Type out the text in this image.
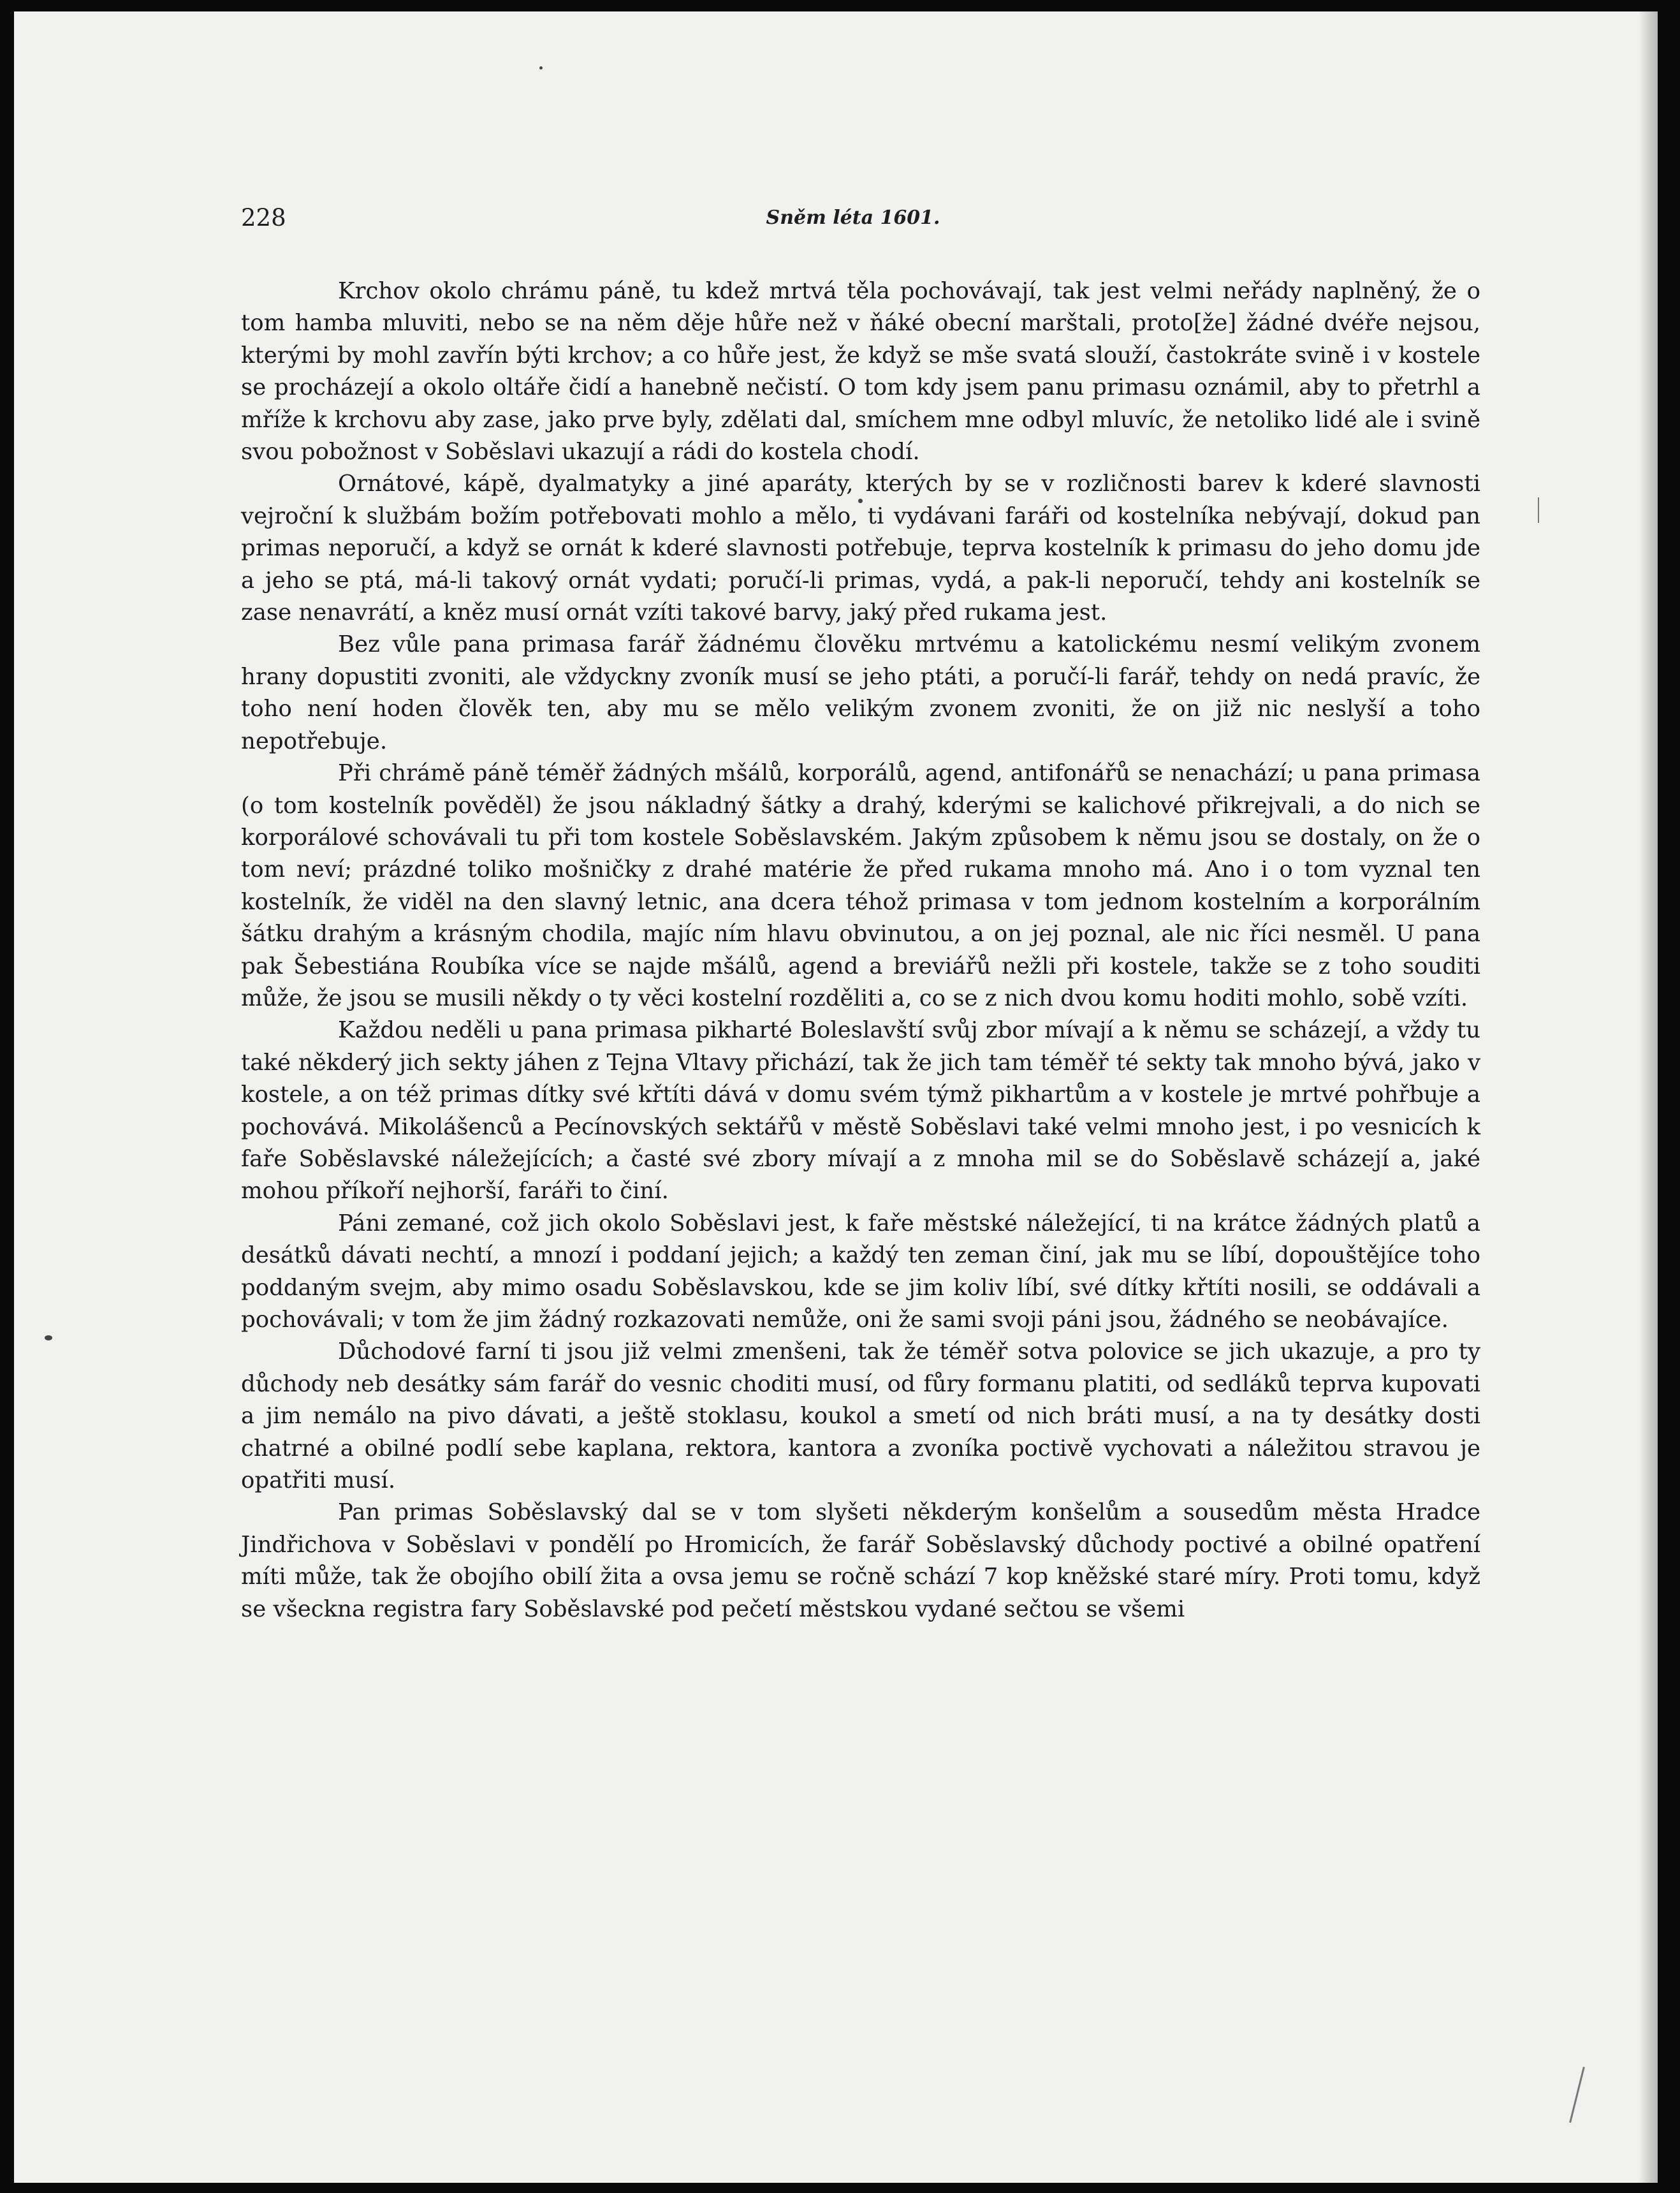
228	Sněm léta 1601.

Krchov okolo chrámu páně, tu kdež mrtvá těla pochovávají, tak jest velmi neřády naplněný, že o tom hamba mluviti, nebo se na něm děje hůře než v ňáké obecní marštali, proto[že] žádné dvéře nejsou, kterými by mohl zavřín býti krchov; a co hůře jest, že když se mše svatá slouží, častokráte svině i v kostele se procházejí a okolo oltáře čidí a hanebně nečistí. O tom kdy jsem panu primasu oznámil, aby to přetrhl a mříže k krchovu aby zase, jako prve byly, zdělati dal, smíchem mne odbyl mluvíc, že netoliko lidé ale i svině svou pobožnost v Soběslavi ukazují a rádi do kostela chodí.

Ornátové, kápě, dyalmatyky a jiné aparáty, kterých by se v rozličnosti barev k kderé slavnosti vejroční k službám božím potřebovati mohlo a mělo, ti vydávani faráři od kostelníka nebývají, dokud pan primas neporučí, a když se ornát k kderé slavnosti potřebuje, teprva kostelník k primasu do jeho domu jde a jeho se ptá, má-li takový ornát vydati; poručí-li primas, vydá, a pak-li neporučí, tehdy ani kostelník se zase nenavrátí, a kněz musí ornát vzíti takové barvy, jaký před rukama jest.

Bez vůle pana primasa farář žádnému člověku mrtvému a katolickému nesmí velikým zvonem hrany dopustiti zvoniti, ale vždyckny zvoník musí se jeho ptáti, a poručí-li farář, tehdy on nedá pravíc, že toho není hoden člověk ten, aby mu se mělo velikým zvonem zvoniti, že on již nic neslyší a toho nepotřebuje.

Při chrámě páně téměř žádných mšálů, korporálů, agend, antifonářů se nenachází; u pana primasa (o tom kostelník pověděl) že jsou nákladný šátky a drahý, kderými se kalichové přikrejvali, a do nich se korporálové schovávali tu při tom kostele Soběslavském. Jakým způsobem k němu jsou se dostaly, on že o tom neví; prázdné toliko mošničky z drahé matérie že před rukama mnoho má. Ano i o tom vyznal ten kostelník, že viděl na den slavný letnic, ana dcera téhož primasa v tom jednom kostelním a korporálním šátku drahým a krásným chodila, majíc ním hlavu obvinutou, a on jej poznal, ale nic říci nesměl. U pana pak Šebestiána Roubíka více se najde mšálů, agend a breviářů nežli při kostele, takže se z toho souditi může, že jsou se musili někdy o ty věci kostelní rozděliti a, co se z nich dvou komu hoditi mohlo, sobě vzíti.

Každou neděli u pana primasa pikharté Boleslavští svůj zbor mívají a k němu se scházejí, a vždy tu také někderý jich sekty jáhen z Tejna Vltavy přichází, tak že jich tam téměř té sekty tak mnoho bývá, jako v kostele, a on též primas dítky své křtíti dává v domu svém týmž pikhartům a v kostele je mrtvé pohřbuje a pochovává. Mikolášenců a Pecínovských sektářů v městě Soběslavi také velmi mnoho jest, i po vesnicích k faře Soběslavské náležejících; a časté své zbory mívají a z mnoha mil se do Soběslavě scházejí a, jaké mohou příkoří nejhorší, faráři to činí.

Páni zemané, což jich okolo Soběslavi jest, k faře městské náležející, ti na krátce žádných platů a desátků dávati nechtí, a mnozí i poddaní jejich; a každý ten zeman činí, jak mu se líbí, dopouštějíce toho poddaným svejm, aby mimo osadu Soběslavskou, kde se jim koliv líbí, své dítky křtíti nosili, se oddávali a pochovávali; v tom že jim žádný rozkazovati nemůže, oni že sami svoji páni jsou, žádného se neobávajíce.

Důchodové farní ti jsou již velmi zmenšeni, tak že téměř sotva polovice se jich ukazuje, a pro ty důchody neb desátky sám farář do vesnic choditi musí, od fůry formanu platiti, od sedláků teprva kupovati a jim nemálo na pivo dávati, a ještě stoklasu, koukol a smetí od nich bráti musí, a na ty desátky dosti chatrné a obilné podlí sebe kaplana, rektora, kantora a zvoníka poctivě vychovati a náležitou stravou je opatřiti musí.

Pan primas Soběslavský dal se v tom slyšeti někderým konšelům a sousedům města Hradce Jindřichova v Soběslavi v pondělí po Hromicích, že farář Soběslavský důchody poctivé a obilné opatření míti může, tak že obojího obilí žita a ovsa jemu se ročně schází 7 kop kněžské staré míry. Proti tomu, když se všeckna registra fary Soběslavské pod pečetí městskou vydané sečtou se všemi
